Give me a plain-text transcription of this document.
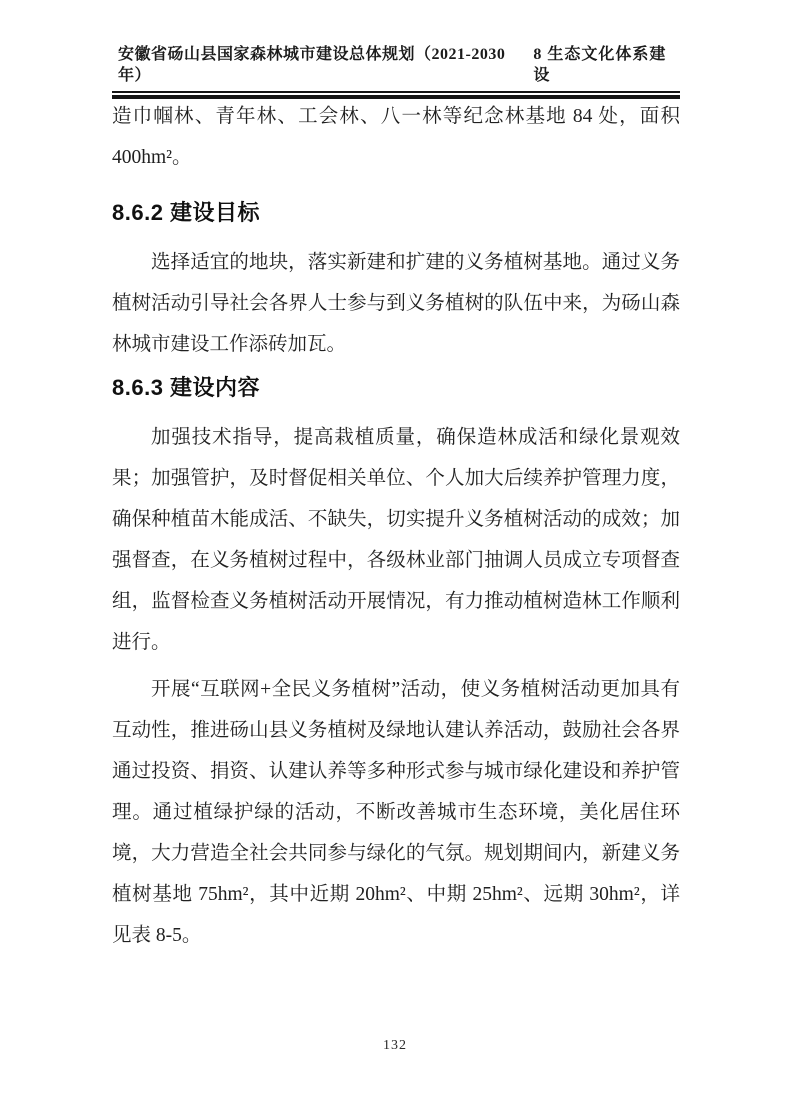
安徽省砀山县国家森林城市建设总体规划（2021-2030 年）
8 生态文化体系建设

造巾帼林、青年林、工会林、八一林等纪念林基地 84 处，面积 400hm²。

8.6.2 建设目标

选择适宜的地块，落实新建和扩建的义务植树基地。通过义务植树活动引导社会各界人士参与到义务植树的队伍中来，为砀山森林城市建设工作添砖加瓦。

8.6.3 建设内容

加强技术指导，提高栽植质量，确保造林成活和绿化景观效果；加强管护，及时督促相关单位、个人加大后续养护管理力度，确保种植苗木能成活、不缺失，切实提升义务植树活动的成效；加强督查，在义务植树过程中，各级林业部门抽调人员成立专项督查组，监督检查义务植树活动开展情况，有力推动植树造林工作顺利进行。

开展“互联网+全民义务植树”活动，使义务植树活动更加具有互动性，推进砀山县义务植树及绿地认建认养活动，鼓励社会各界通过投资、捐资、认建认养等多种形式参与城市绿化建设和养护管理。通过植绿护绿的活动，不断改善城市生态环境，美化居住环境，大力营造全社会共同参与绿化的气氛。规划期间内，新建义务植树基地 75hm²，其中近期 20hm²、中期 25hm²、远期 30hm²，详见表 8-5。

132
